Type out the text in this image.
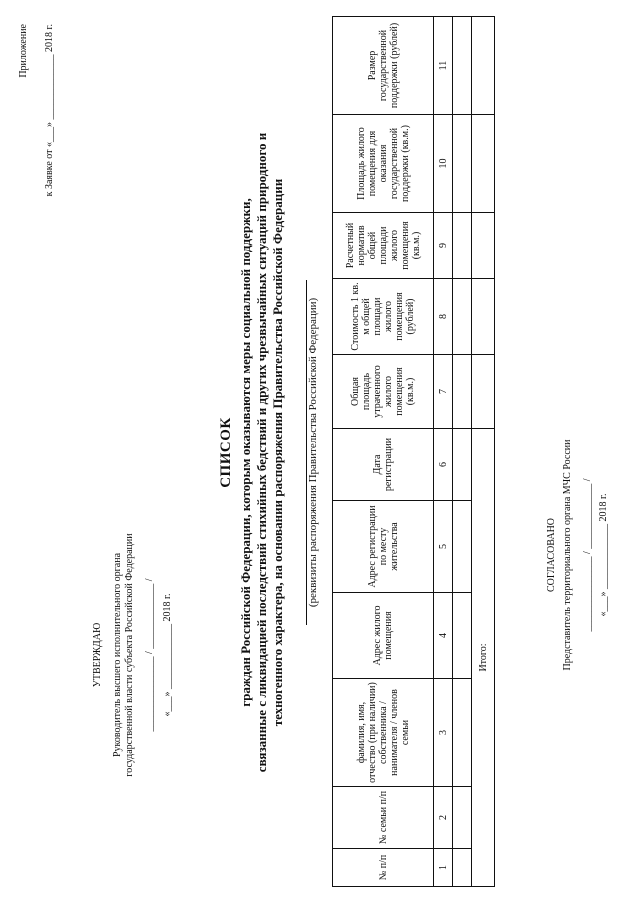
Приложение к Заявке от «___» _____________ 2018 г.
УТВЕРЖДАЮ Руководитель высшего исполнительного органа государственной власти субъекта Российской Федерации _______________ / _____________ / «___» _____________ 2018 г.
СПИСОК граждан Российской Федерации, которым оказываются меры социальной поддержки, связанные с ликвидацией последствий стихийных бедствий и других чрезвычайных ситуаций природного и техногенного характера, на основании распоряжения Правительства Российской Федерации (реквизиты распоряжения Правительства Российской Федерации)
№ п/п	№ семьи п/п	фамилия, имя, отчество (при наличии) собственника / нанимателя / членов семьи	Адрес жилого помещения	Адрес регистрации по месту жительства	Дата регистрации	Общая площадь утраченного жилого помещения (кв.м.)	Стоимость 1 кв. м общей площади жилого помещения (рублей)	Расчетный норматив общей площади жилого помещения (кв.м.)	Площадь жилого помещения для оказания государственной поддержки (кв.м.)	Размер государственной поддержки (рублей)
1	2	3	4	5	6	7	8	9	10	11

Итого:										
СОГЛАСОВАНО Представитель территориального органа МЧС России _______________ / _____________ / «___» _____________ 2018 г.
